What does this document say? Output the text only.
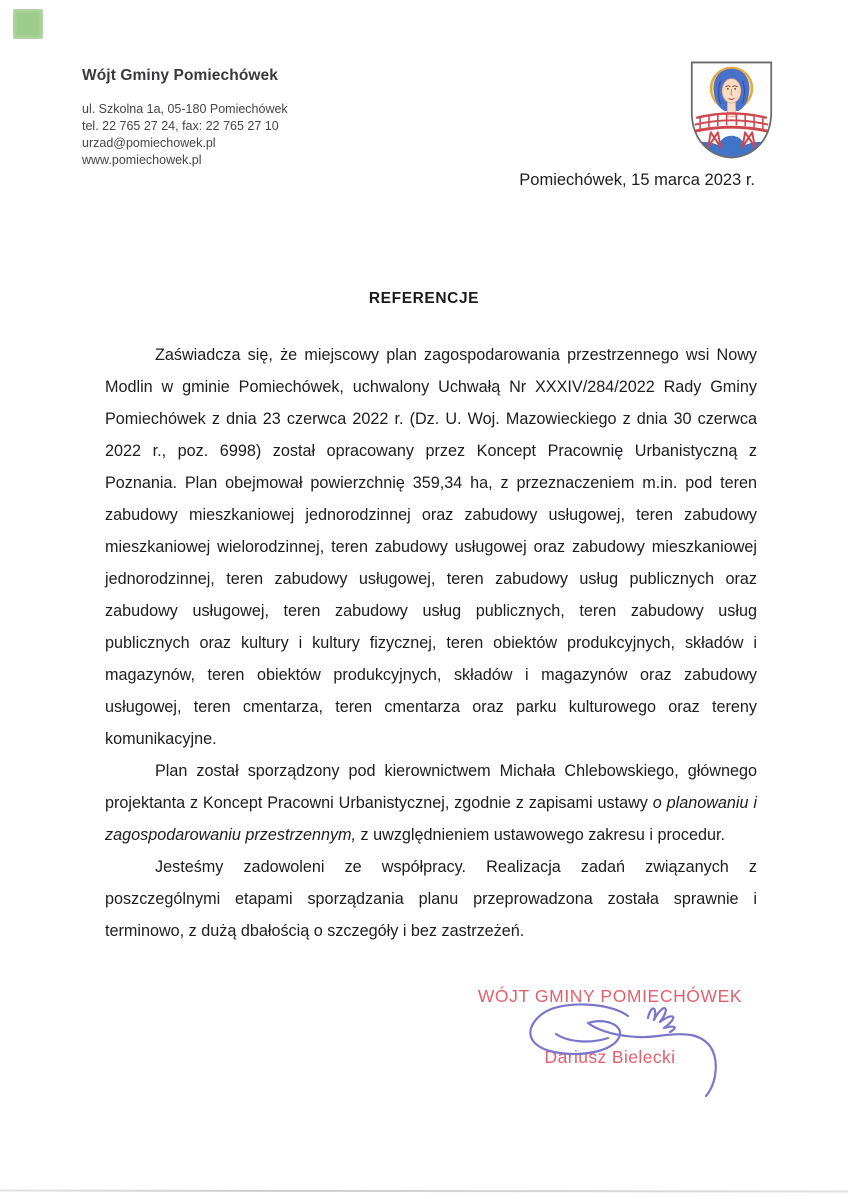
Wójt Gminy Pomiechówek
ul. Szkolna 1a, 05-180 Pomiechówek
tel. 22 765 27 24, fax: 22 765 27 10
urzad@pomiechowek.pl
www.pomiechowek.pl
Pomiechówek, 15 marca 2023 r.
REFERENCJE

Zaświadcza się, że miejscowy plan zagospodarowania przestrzennego wsi Nowy Modlin w gminie Pomiechówek, uchwalony Uchwałą Nr XXXIV/284/2022 Rady Gminy Pomiechówek z dnia 23 czerwca 2022 r. (Dz. U. Woj. Mazowieckiego z dnia 30 czerwca 2022 r., poz. 6998) został opracowany przez Koncept Pracownię Urbanistyczną z Poznania. Plan obejmował powierzchnię 359,34 ha, z przeznaczeniem m.in. pod teren zabudowy mieszkaniowej jednorodzinnej oraz zabudowy usługowej, teren zabudowy mieszkaniowej wielorodzinnej, teren zabudowy usługowej oraz zabudowy mieszkaniowej jednorodzinnej, teren zabudowy usługowej, teren zabudowy usług publicznych oraz zabudowy usługowej, teren zabudowy usług publicznych, teren zabudowy usług publicznych oraz kultury i kultury fizycznej, teren obiektów produkcyjnych, składów i magazynów, teren obiektów produkcyjnych, składów i magazynów oraz zabudowy usługowej, teren cmentarza, teren cmentarza oraz parku kulturowego oraz tereny komunikacyjne.

Plan został sporządzony pod kierownictwem Michała Chlebowskiego, głównego projektanta z Koncept Pracowni Urbanistycznej, zgodnie z zapisami ustawy o planowaniu i zagospodarowaniu przestrzennym, z uwzględnieniem ustawowego zakresu i procedur.

Jesteśmy zadowoleni ze współpracy. Realizacja zadań związanych z poszczególnymi etapami sporządzania planu przeprowadzona została sprawnie i terminowo, z dużą dbałością o szczegóły i bez zastrzeżeń.

WÓJT GMINY POMIECHÓWEK
Dariusz Bielecki
